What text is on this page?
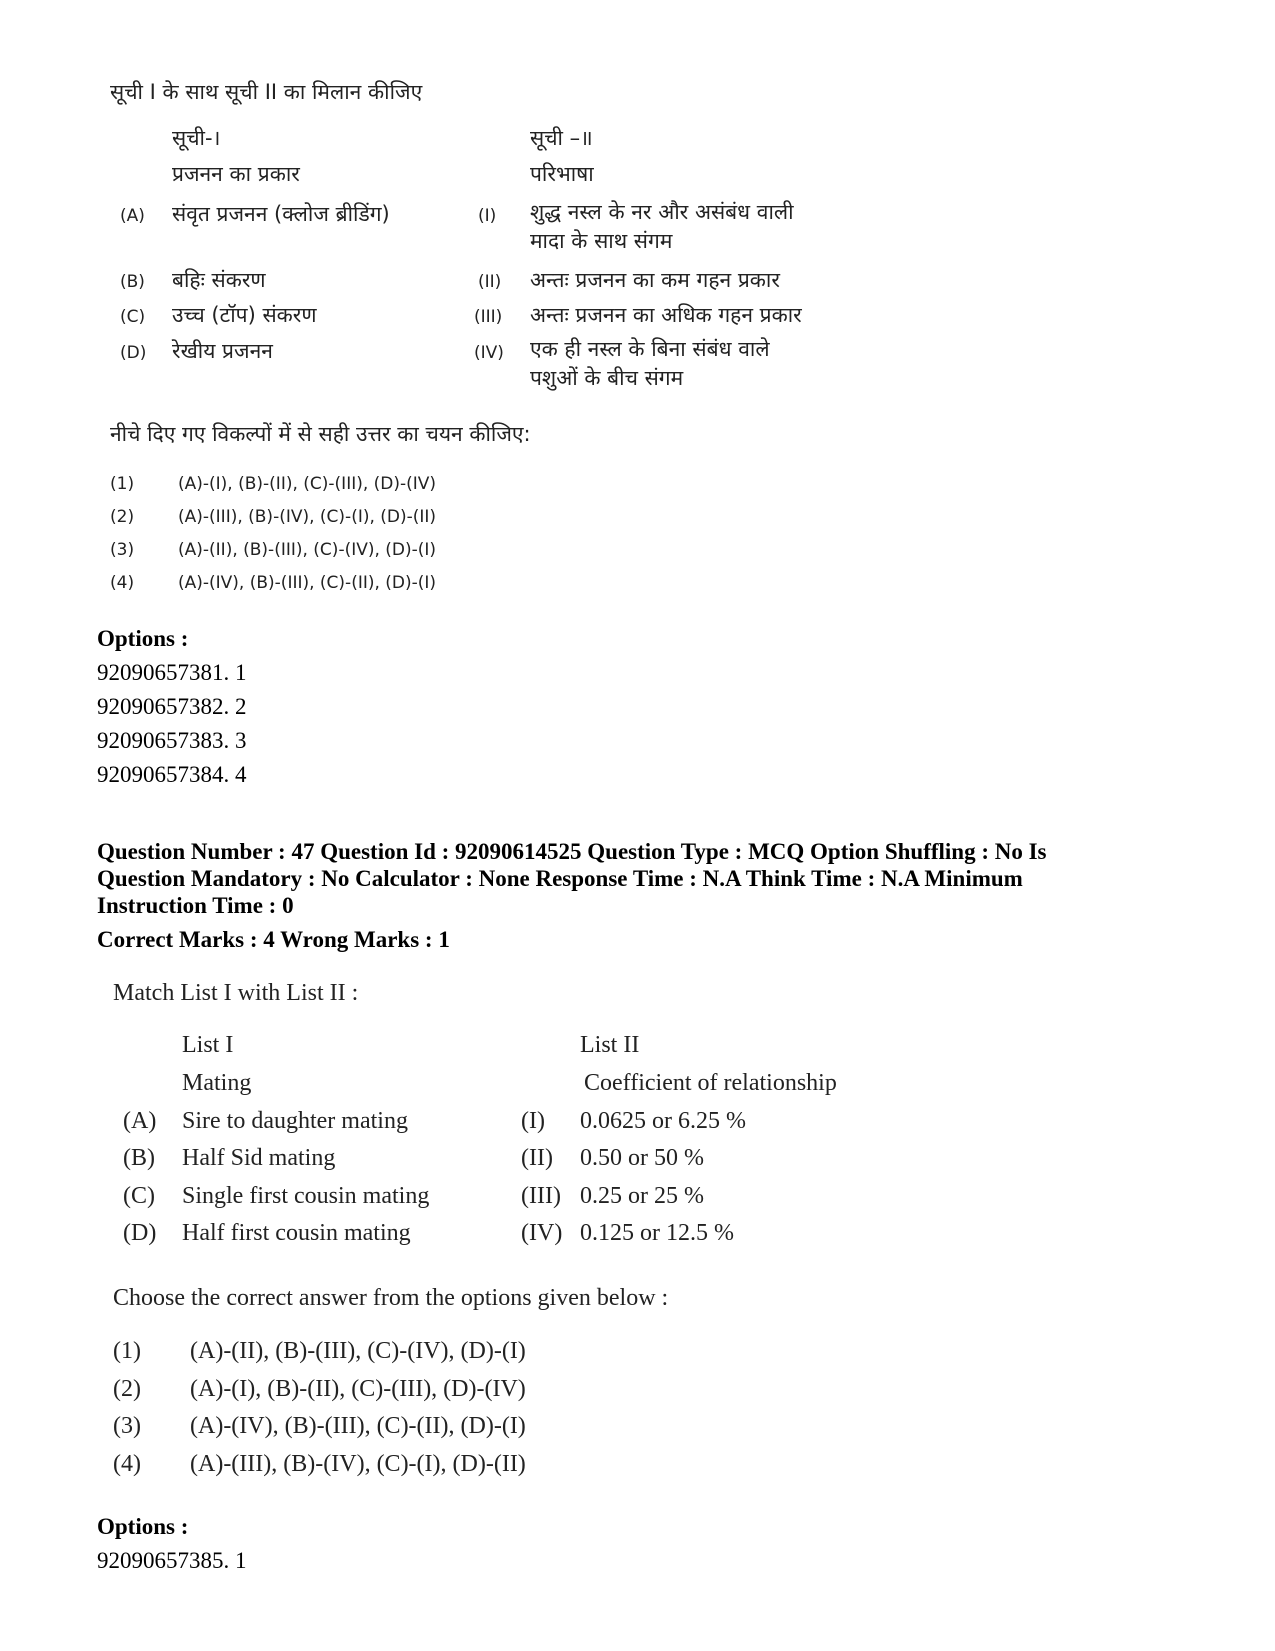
सूची I के साथ सूची II का मिलान कीजिए
सूची-।	सूची –॥
प्रजनन का प्रकार	परिभाषा
(A) संवृत प्रजनन (क्लोज ब्रीडिंग)	(I) शुद्ध नस्ल के नर और असंबंध वाली
मादा के साथ संगम
(B) बहिः संकरण	(II) अन्तः प्रजनन का कम गहन प्रकार
(C) उच्च (टॉप) संकरण	(III) अन्तः प्रजनन का अधिक गहन प्रकार
(D) रेखीय प्रजनन	(IV) एक ही नस्ल के बिना संबंध वाले
पशुओं के बीच संगम
नीचे दिए गए विकल्पों में से सही उत्तर का चयन कीजिए:
(1)	(A)-(I), (B)-(II), (C)-(III), (D)-(IV)
(2)	(A)-(III), (B)-(IV), (C)-(I), (D)-(II)
(3)	(A)-(II), (B)-(III), (C)-(IV), (D)-(I)
(4)	(A)-(IV), (B)-(III), (C)-(II), (D)-(I)
Options :
92090657381. 1
92090657382. 2
92090657383. 3
92090657384. 4
Question Number : 47 Question Id : 92090614525 Question Type : MCQ Option Shuffling : No Is
Question Mandatory : No Calculator : None Response Time : N.A Think Time : N.A Minimum
Instruction Time : 0
Correct Marks : 4 Wrong Marks : 1
Match List I with List II :
List I	List II
Mating	Coefficient of relationship
(A) Sire to daughter mating	(I) 0.0625 or 6.25 %
(B) Half Sid mating	(II) 0.50 or 50 %
(C) Single first cousin mating	(III) 0.25 or 25 %
(D) Half first cousin mating	(IV) 0.125 or 12.5 %
Choose the correct answer from the options given below :
(1) (A)-(II), (B)-(III), (C)-(IV), (D)-(I)
(2) (A)-(I), (B)-(II), (C)-(III), (D)-(IV)
(3) (A)-(IV), (B)-(III), (C)-(II), (D)-(I)
(4) (A)-(III), (B)-(IV), (C)-(I), (D)-(II)
Options :
92090657385. 1
